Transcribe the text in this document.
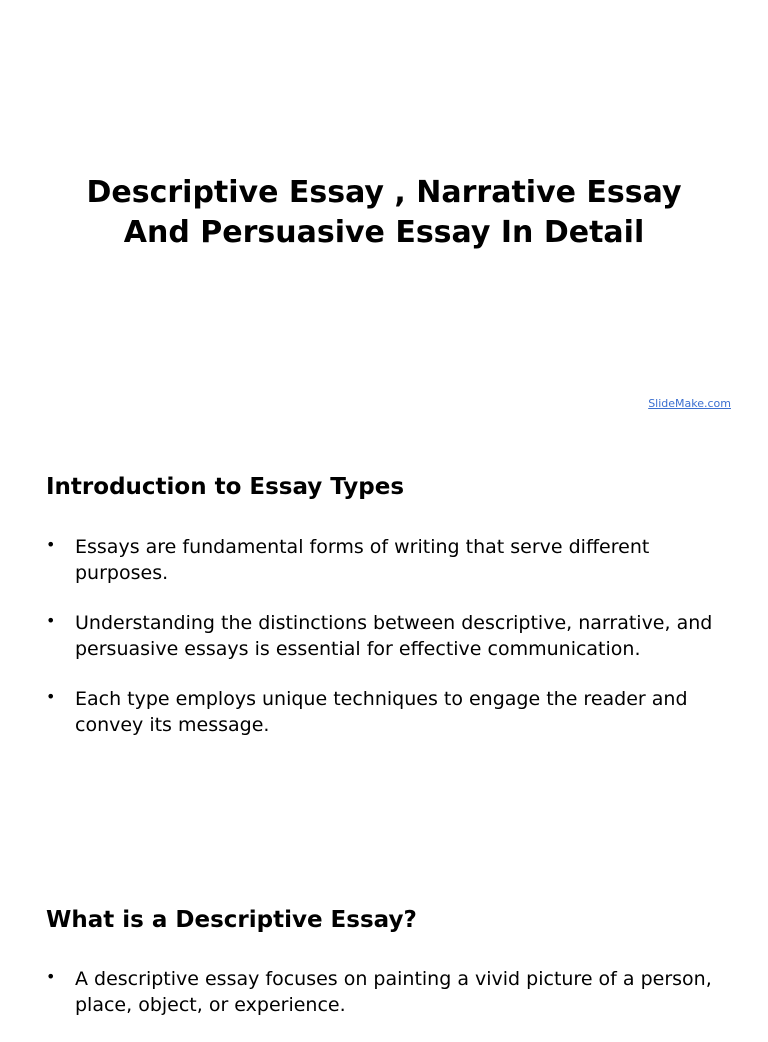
Descriptive Essay , Narrative Essay
And Persuasive Essay In Detail
SlideMake.com
Introduction to Essay Types
• Essays are fundamental forms of writing that serve different purposes.
• Understanding the distinctions between descriptive, narrative, and persuasive essays is essential for effective communication.
• Each type employs unique techniques to engage the reader and convey its message.
What is a Descriptive Essay?
• A descriptive essay focuses on painting a vivid picture of a person, place, object, or experience.
